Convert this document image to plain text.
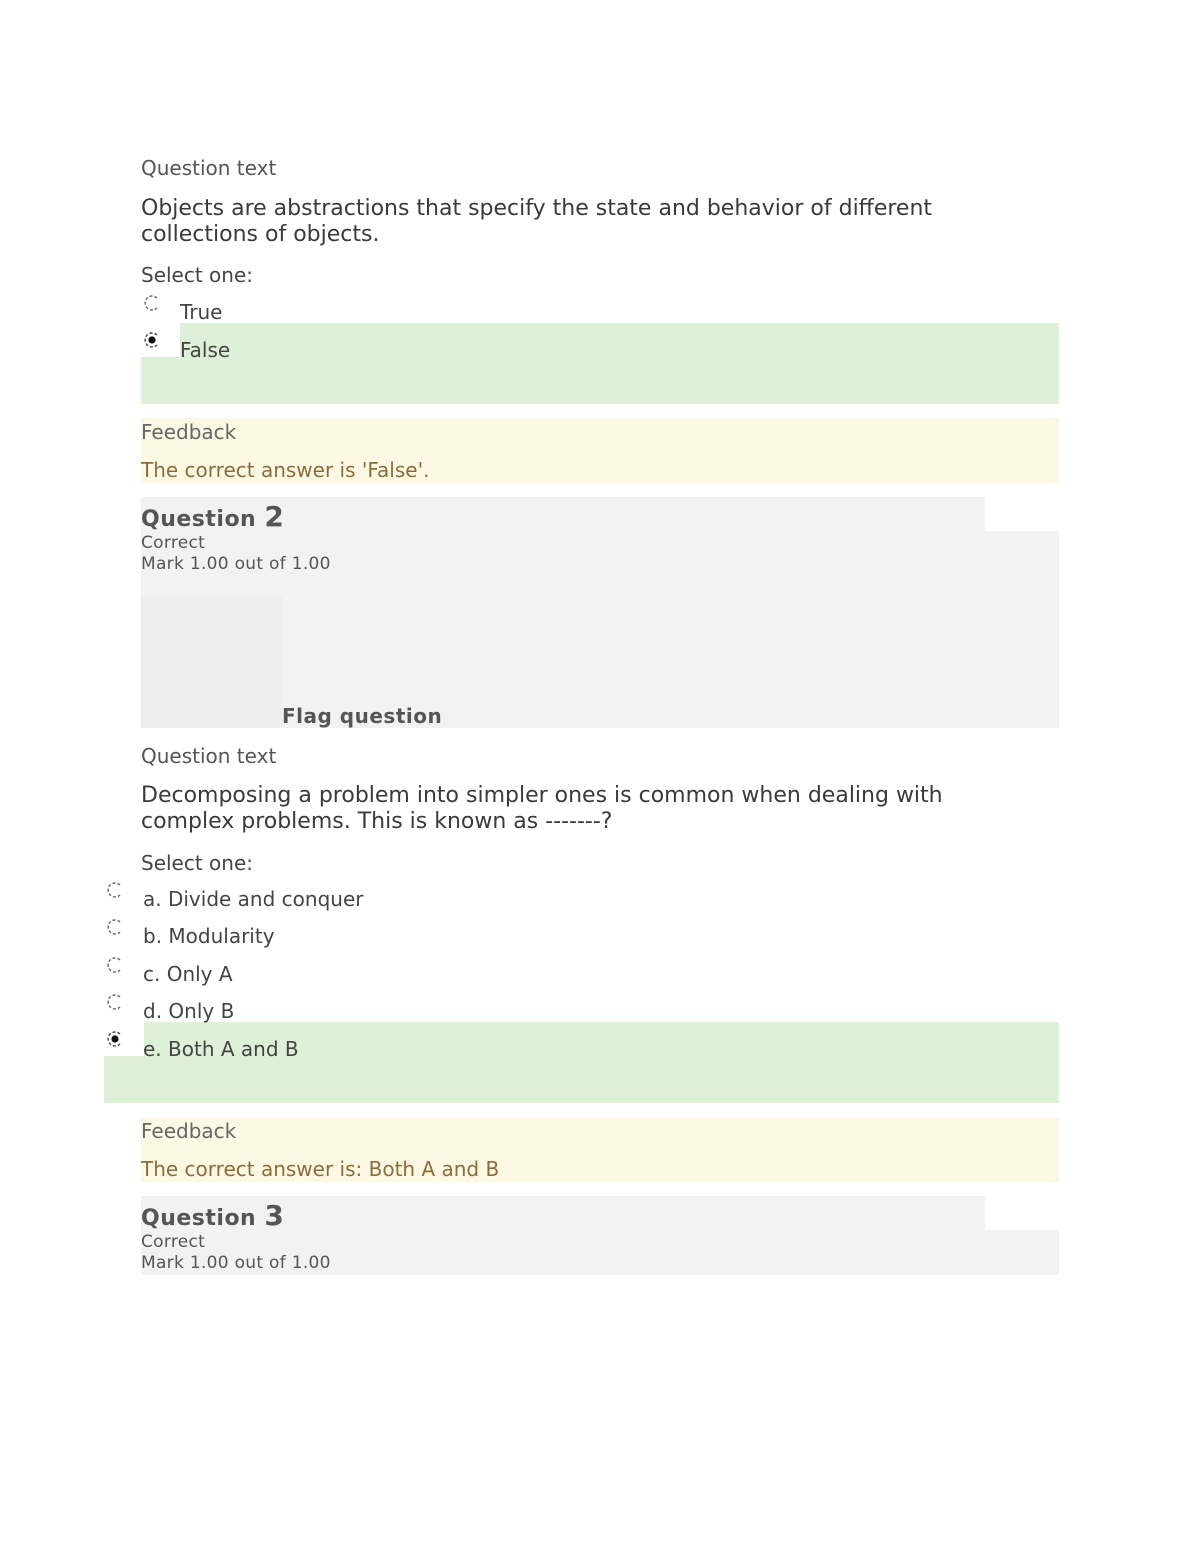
Question text
Objects are abstractions that specify the state and behavior of different collections of objects.
Select one:
True
False
Feedback
The correct answer is 'False'.
Question 2
Correct
Mark 1.00 out of 1.00
Flag question
Question text
Decomposing a problem into simpler ones is common when dealing with complex problems. This is known as -------?
Select one:
a. Divide and conquer
b. Modularity
c. Only A
d. Only B
e. Both A and B
Feedback
The correct answer is: Both A and B
Question 3
Correct
Mark 1.00 out of 1.00
